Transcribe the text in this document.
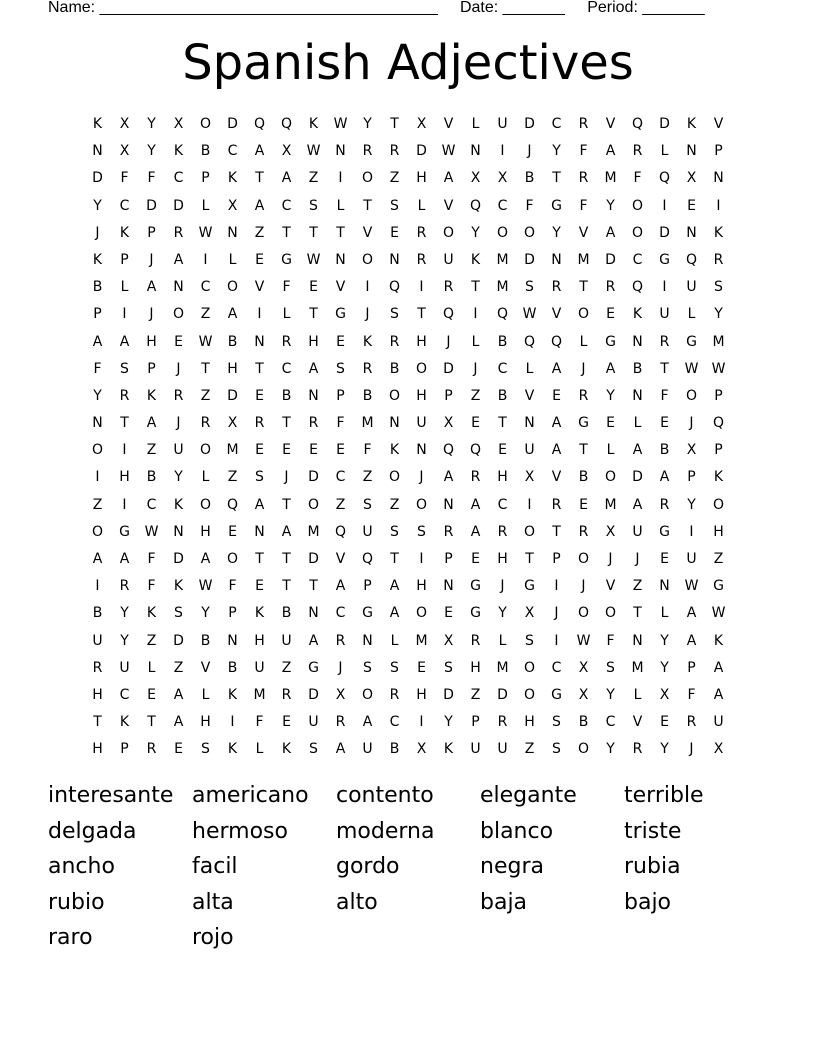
Name: ______________________________________ Date: _______ Period: _______
Spanish Adjectives
K	X	Y	X	O	D	Q	Q	K	W	Y	T	X	V	L	U	D	C	R	V	Q	D	K	V
N	X	Y	K	B	C	A	X	W	N	R	R	D	W	N	I	J	Y	F	A	R	L	N	P
D	F	F	C	P	K	T	A	Z	I	O	Z	H	A	X	X	B	T	R	M	F	Q	X	N
Y	C	D	D	L	X	A	C	S	L	T	S	L	V	Q	C	F	G	F	Y	O	I	E	I
J	K	P	R	W	N	Z	T	T	T	V	E	R	O	Y	O	O	Y	V	A	O	D	N	K
K	P	J	A	I	L	E	G	W	N	O	N	R	U	K	M	D	N	M	D	C	G	Q	R
B	L	A	N	C	O	V	F	E	V	I	Q	I	R	T	M	S	R	T	R	Q	I	U	S
P	I	J	O	Z	A	I	L	T	G	J	S	T	Q	I	Q	W	V	O	E	K	U	L	Y
A	A	H	E	W	B	N	R	H	E	K	R	H	J	L	B	Q	Q	L	G	N	R	G	M
F	S	P	J	T	H	T	C	A	S	R	B	O	D	J	C	L	A	J	A	B	T	W W
Y	R	K	R	Z	D	E	B	N	P	B	O	H	P	Z	B	V	E	R	Y	N	F	O	P
N	T	A	J	R	X	R	T	R	F	M	N	U	X	E	T	N	A	G	E	L	E	J	Q
O	I	Z	U	O	M	E	E	E	E	F	K	N	Q	Q	E	U	A	T	L	A	B	X	P
I	H	B	Y	L	Z	S	J	D	C	Z	O	J	A	R	H	X	V	B	O	D	A	P	K
Z	I	C	K	O	Q	A	T	O	Z	S	Z	O	N	A	C	I	R	E	M	A	R	Y	O
O	G	W	N	H	E	N	A	M	Q	U	S	S	R	A	R	O	T	R	X	U	G	I	H
A	A	F	D	A	O	T	T	D	V	Q	T	I	P	E	H	T	P	O	J	J	E	U	Z
I	R	F	K	W	F	E	T	T	A	P	A	H	N	G	J	G	I	J	V	Z	N	W	G
B	Y	K	S	Y	P	K	B	N	C	G	A	O	E	G	Y	X	J	O	O	T	L	A	W
U	Y	Z	D	B	N	H	U	A	R	N	L	M	X	R	L	S	I	W	F	N	Y	A	K
R	U	L	Z	V	B	U	Z	G	J	S	S	E	S	H	M	O	C	X	S	M	Y	P	A
H	C	E	A	L	K	M	R	D	X	O	R	H	D	Z	D	O	G	X	Y	L	X	F	A
T	K	T	A	H	I	F	E	U	R	A	C	I	Y	P	R	H	S	B	C	V	E	R	U
H	P	R	E	S	K	L	K	S	A	U	B	X	K	U	U	Z	S	O	Y	R	Y	J	X
interesante americano	contento	elegante	terrible
delgada	hermoso	moderna	blanco	triste
ancho	facil	gordo	negra	rubia
rubio	alta	alto	baja	bajo
raro	rojo
